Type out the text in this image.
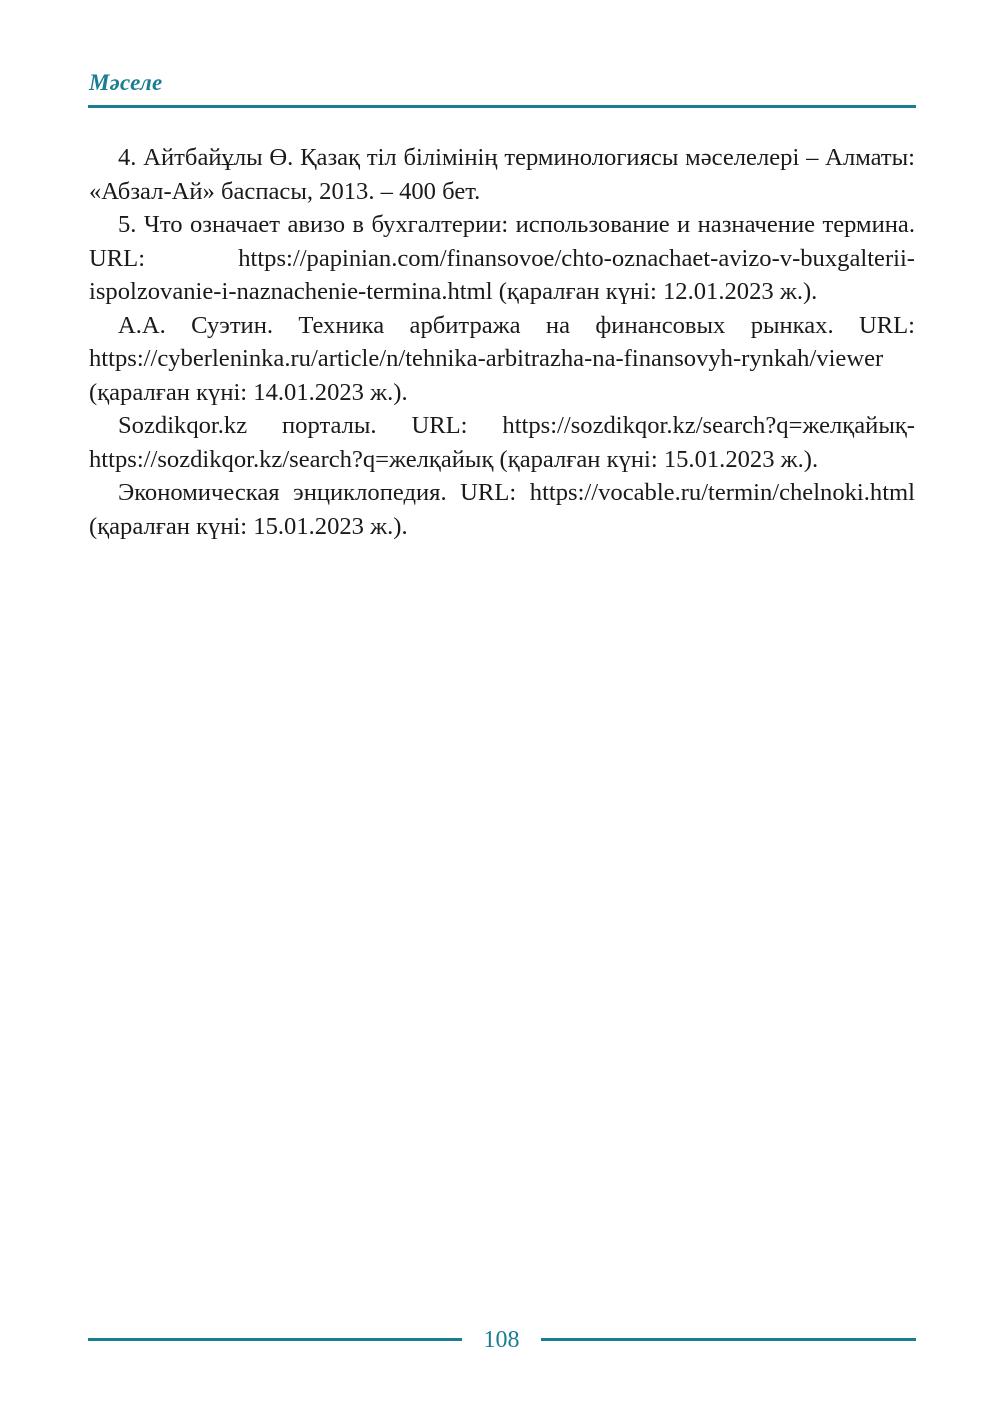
Мәселе

4. Айтбайұлы Ө. Қазақ тіл білімінің терминологиясы мәселелері – Алматы: «Абзал-Ай» баспасы, 2013. – 400 бет.

5. Что означает авизо в бухгалтерии: использование и назначение термина. URL: https://papinian.com/finansovoe/chto-oznachaet-avizo-v-buxgalterii-ispolzovanie-i-naznachenie-termina.html (қаралған күні: 12.01.2023 ж.).

А.А. Суэтин. Техника арбитража на финансовых рынках. URL: https://cyberleninka.ru/article/n/tehnika-arbitrazha-na-finansovyh-rynkah/viewer (қаралған күні: 14.01.2023 ж.).

Sozdikqor.kz порталы. URL: https://sozdikqor.kz/search?q=желқайық-https://sozdikqor.kz/search?q=желқайық (қаралған күні: 15.01.2023 ж.).

Экономическая энциклопедия. URL: https://vocable.ru/termin/chelnoki.html (қаралған күні: 15.01.2023 ж.).

108
